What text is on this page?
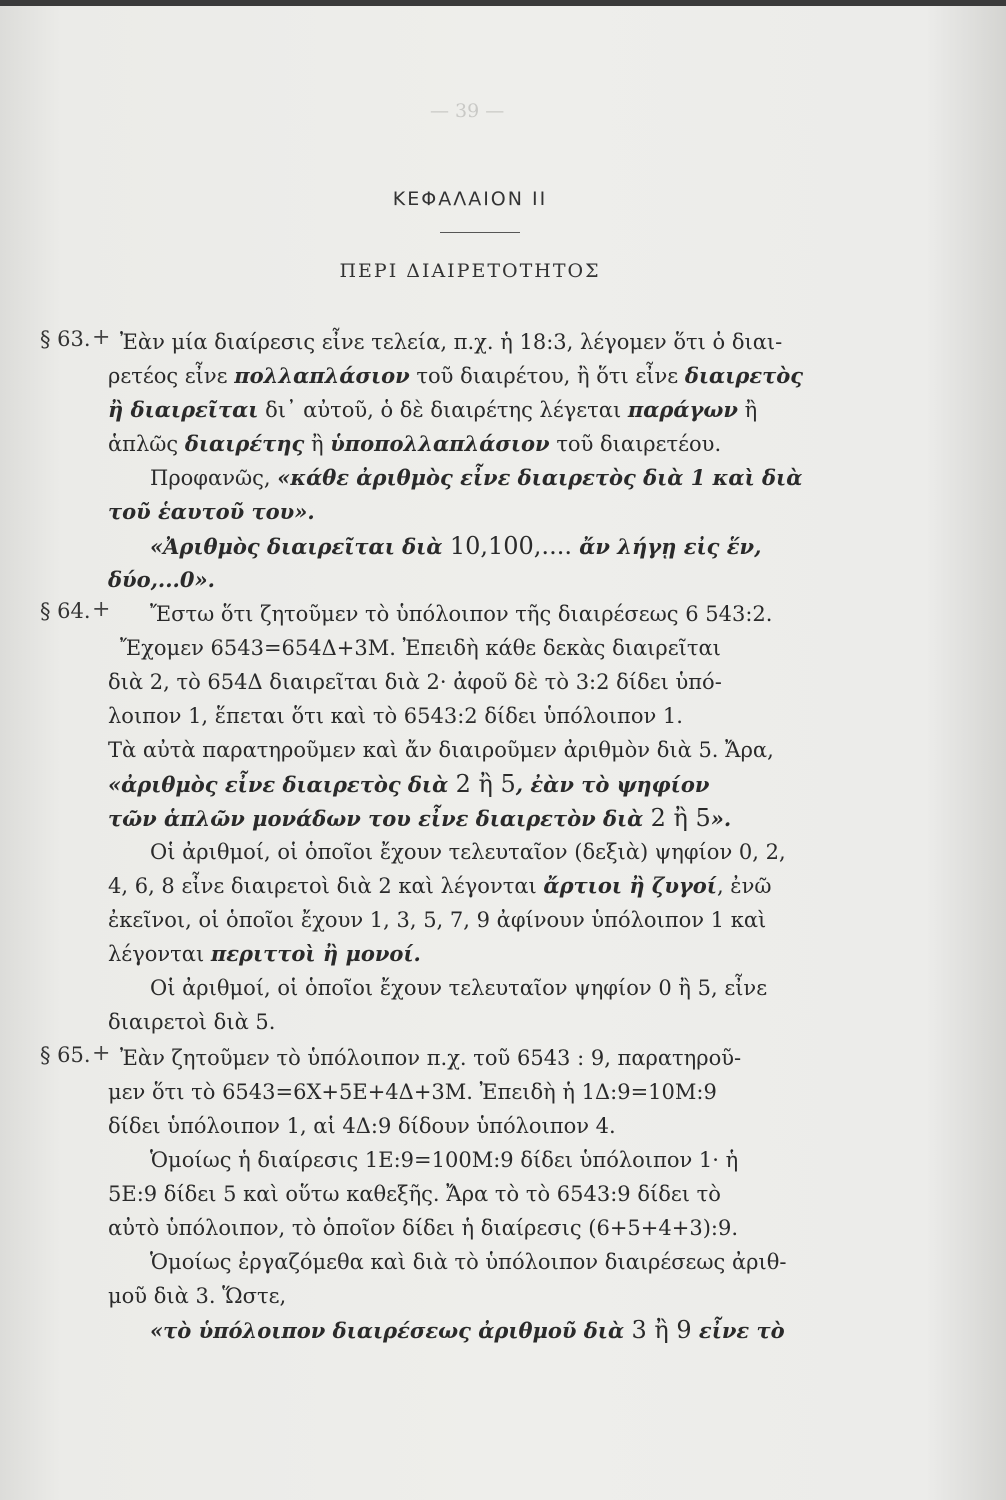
— 39 —
ΚΕΦΑΛΑΙΟΝ II
ΠΕΡΙ ΔΙΑΙΡΕΤΟΤΗΤΟΣ
§ 63. + Ἐὰν μία διαίρεσις εἶνε τελεία, π.χ. ἡ 18:3, λέγομεν ὅτι ὁ διαι-
ρετέος εἶνε πολλαπλάσιον τοῦ διαιρέτου, ἢ ὅτι εἶνε διαιρετὸς
ἢ διαιρεῖται δι᾽ αὐτοῦ, ὁ δὲ διαιρέτης λέγεται παράγων ἢ
ἁπλῶς διαιρέτης ἢ ὑποπολλαπλάσιον τοῦ διαιρετέου.
Προφανῶς, «κάθε ἀριθμὸς εἶνε διαιρετὸς διὰ 1 καὶ διὰ
τοῦ ἑαυτοῦ του».
«Ἀριθμὸς διαιρεῖται διὰ 10,100,.... ἄν λήγῃ εἰς ἕν,
δύο,...0».
§ 64. + Ἔστω ὅτι ζητοῦμεν τὸ ὑπόλοιπον τῆς διαιρέσεως 6 543:2.
Ἔχομεν 6543=654Δ+3Μ. Ἐπειδὴ κάθε δεκὰς διαιρεῖται
διὰ 2, τὸ 654Δ διαιρεῖται διὰ 2· ἀφοῦ δὲ τὸ 3:2 δίδει ὑπό-
λοιπον 1, ἕπεται ὅτι καὶ τὸ 6543:2 δίδει ὑπόλοιπον 1.
Τὰ αὐτὰ παρατηροῦμεν καὶ ἄν διαιροῦμεν ἀριθμὸν διὰ 5. Ἄρα,
«ἀριθμὸς εἶνε διαιρετὸς διὰ 2 ἢ 5, ἐὰν τὸ ψηφίον
τῶν ἁπλῶν μονάδων του εἶνε διαιρετὸν διὰ 2 ἢ 5».
Οἱ ἀριθμοί, οἱ ὁποῖοι ἔχουν τελευταῖον (δεξιὰ) ψηφίον 0, 2,
4, 6, 8 εἶνε διαιρετοὶ διὰ 2 καὶ λέγονται ἄρτιοι ἢ ζυγοί, ἐνῶ
ἐκεῖνοι, οἱ ὁποῖοι ἔχουν 1, 3, 5, 7, 9 ἀφίνουν ὑπόλοιπον 1 καὶ
λέγονται περιττοὶ ἢ μονοί.
Οἱ ἀριθμοί, οἱ ὁποῖοι ἔχουν τελευταῖον ψηφίον 0 ἢ 5, εἶνε
διαιρετοὶ διὰ 5.
§ 65. + Ἐὰν ζητοῦμεν τὸ ὑπόλοιπον π.χ. τοῦ 6543 : 9, παρατηροῦ-
μεν ὅτι τὸ 6543=6Χ+5Ε+4Δ+3Μ. Ἐπειδὴ ἡ 1Δ:9=10Μ:9
δίδει ὑπόλοιπον 1, αἱ 4Δ:9 δίδουν ὑπόλοιπον 4.
Ὁμοίως ἡ διαίρεσις 1Ε:9=100Μ:9 δίδει ὑπόλοιπον 1· ἡ
5Ε:9 δίδει 5 καὶ οὕτω καθεξῆς. Ἄρα τὸ τὸ 6543:9 δίδει τὸ
αὐτὸ ὑπόλοιπον, τὸ ὁποῖον δίδει ἡ διαίρεσις (6+5+4+3):9.
Ὁμοίως ἐργαζόμεθα καὶ διὰ τὸ ὑπόλοιπον διαιρέσεως ἀριθ-
μοῦ διὰ 3. Ὥστε,
«τὸ ὑπόλοιπον διαιρέσεως ἀριθμοῦ διὰ 3 ἢ 9 εἶνε τὸ
